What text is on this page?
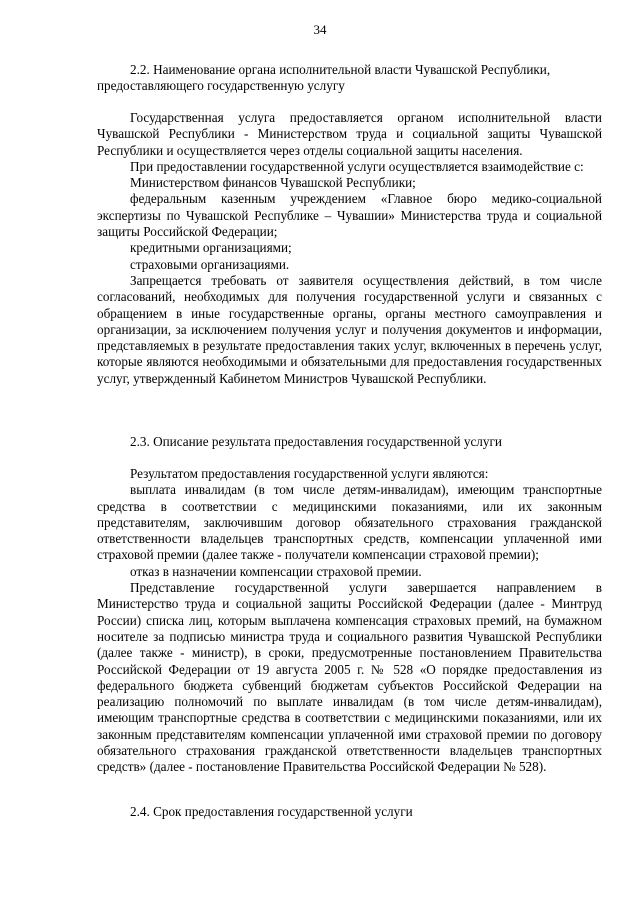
34
2.2. Наименование органа исполнительной власти Чувашской Республики, предоставляющего государственную услугу

Государственная услуга предоставляется органом исполнительной власти Чувашской Республики - Министерством труда и социальной защиты Чувашской Республики и осуществляется через отделы социальной защиты населения.

При предоставлении государственной услуги осуществляется взаимодействие с:

Министерством финансов Чувашской Республики;

федеральным казенным учреждением «Главное бюро медико-социальной экспертизы по Чувашской Республике – Чувашии» Министерства труда и социальной защиты Российской Федерации;

кредитными организациями;

страховыми организациями.

Запрещается требовать от заявителя осуществления действий, в том числе согласований, необходимых для получения государственной услуги и связанных с обращением в иные государственные органы, органы местного самоуправления и организации, за исключением получения услуг и получения документов и информации, представляемых в результате предоставления таких услуг, включенных в перечень услуг, которые являются необходимыми и обязательными для предоставления государственных услуг, утвержденный Кабинетом Министров Чувашской Республики.

2.3. Описание результата предоставления государственной услуги

Результатом предоставления государственной услуги являются:

выплата инвалидам (в том числе детям-инвалидам), имеющим транспортные средства в соответствии с медицинскими показаниями, или их законным представителям, заключившим договор обязательного страхования гражданской ответственности владельцев транспортных средств, компенсации уплаченной ими страховой премии (далее также - получатели компенсации страховой премии);

отказ в назначении компенсации страховой премии.

Представление государственной услуги завершается направлением в Министерство труда и социальной защиты Российской Федерации (далее - Минтруд России) списка лиц, которым выплачена компенсация страховых премий, на бумажном носителе за подписью министра труда и социального развития Чувашской Республики (далее также - министр), в сроки, предусмотренные постановлением Правительства Российской Федерации от 19 августа 2005 г. № 528 «О порядке предоставления из федерального бюджета субвенций бюджетам субъектов Российской Федерации на реализацию полномочий по выплате инвалидам (в том числе детям-инвалидам), имеющим транспортные средства в соответствии с медицинскими показаниями, или их законным представителям компенсации уплаченной ими страховой премии по договору обязательного страхования гражданской ответственности владельцев транспортных средств» (далее - постановление Правительства Российской Федерации № 528).

2.4. Срок предоставления государственной услуги
